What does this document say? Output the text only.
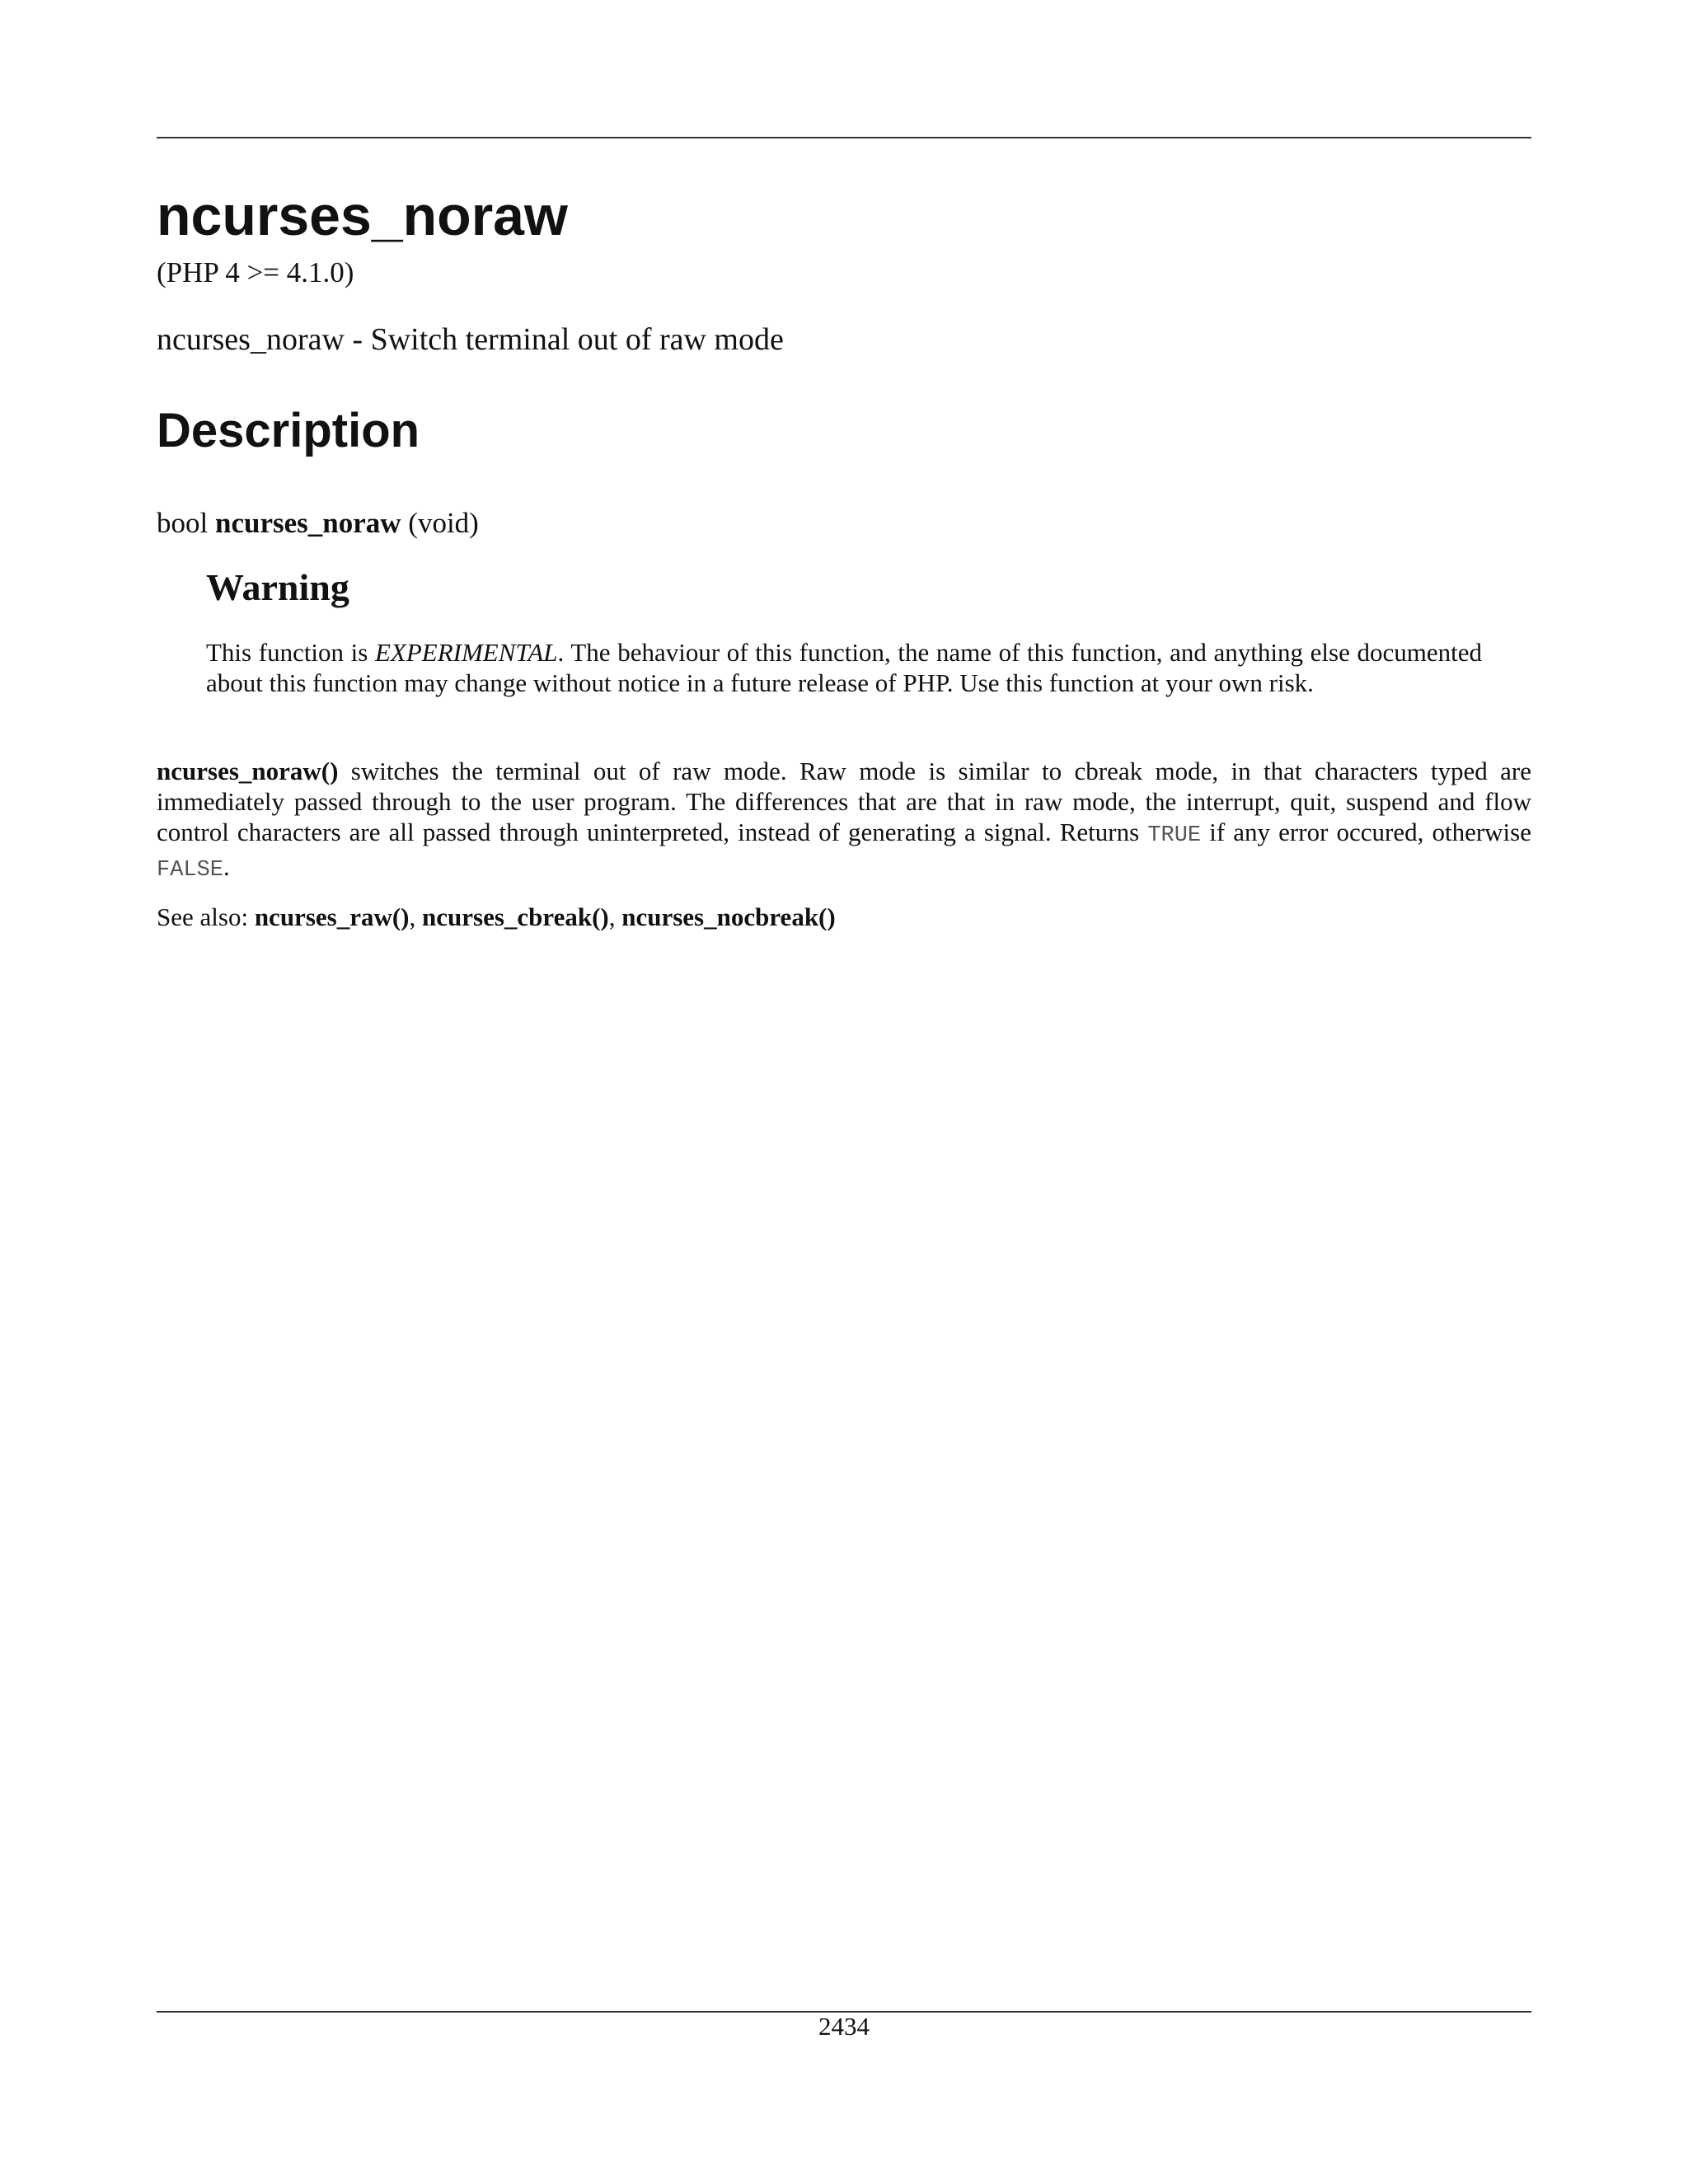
ncurses_noraw
(PHP 4 >= 4.1.0)
ncurses_noraw - Switch terminal out of raw mode
Description
bool ncurses_noraw (void)
Warning
This function is EXPERIMENTAL. The behaviour of this function, the name of this function, and anything else documented about this function may change without notice in a future release of PHP. Use this function at your own risk.
ncurses_noraw() switches the terminal out of raw mode. Raw mode is similar to cbreak mode, in that characters typed are immediately passed through to the user program. The differences that are that in raw mode, the interrupt, quit, suspend and flow control characters are all passed through uninterpreted, instead of generating a signal. Returns TRUE if any error occured, otherwise FALSE.
See also: ncurses_raw(), ncurses_cbreak(), ncurses_nocbreak()
2434
